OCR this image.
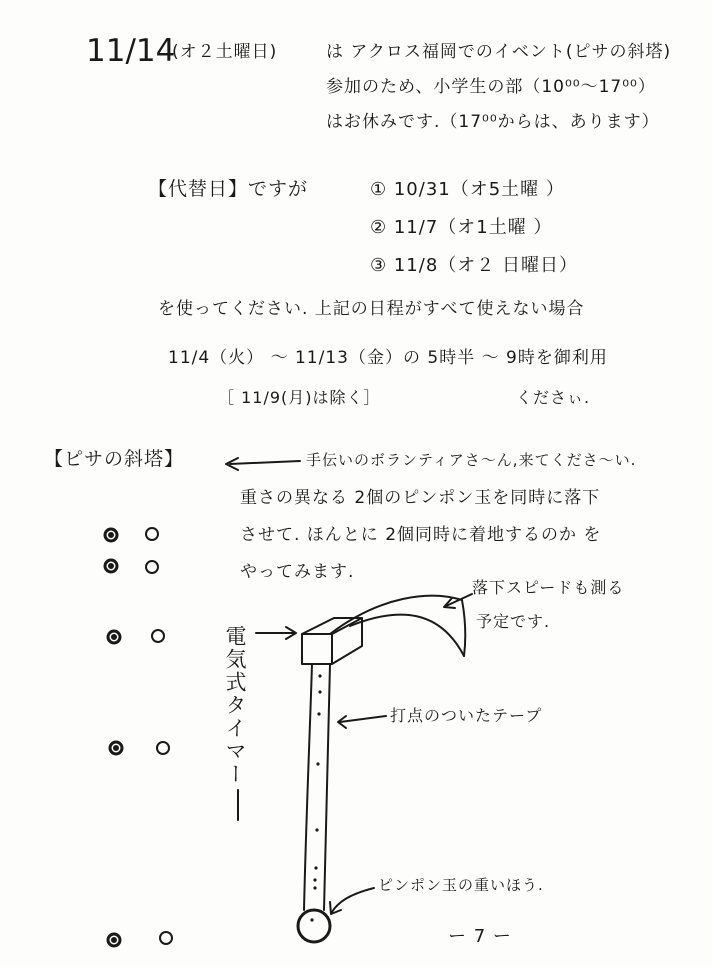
11/14
(オ２土曜日)	は アクロス福岡でのイベント(ピサの斜塔)
参加のため、小学生の部（10⁰⁰〜17⁰⁰）
はお休みです.（17⁰⁰からは、あります）
【代替日】ですが	① 10/31（オ5土曜 ）
② 11/7（オ1土曜 ）
③ 11/8（オ２ 日曜日）
を使ってください. 上記の日程がすべて使えない場合
11/4（火） 〜 11/13（金）の 5時半 〜 9時を御利用
［ 11/9(月)は除く］	くださぃ.
【ピサの斜塔】	手伝いのボランティアさ〜ん,来てくださ〜い.
重さの異なる 2個のピンポン玉を同時に落下
させて. ほんとに 2個同時に着地するのか を
やってみます.
落下スピードも測る
予定です.
電気式タイマー	打点のついたテープ
ピンポン玉の重いほう.
ー 7 ー
